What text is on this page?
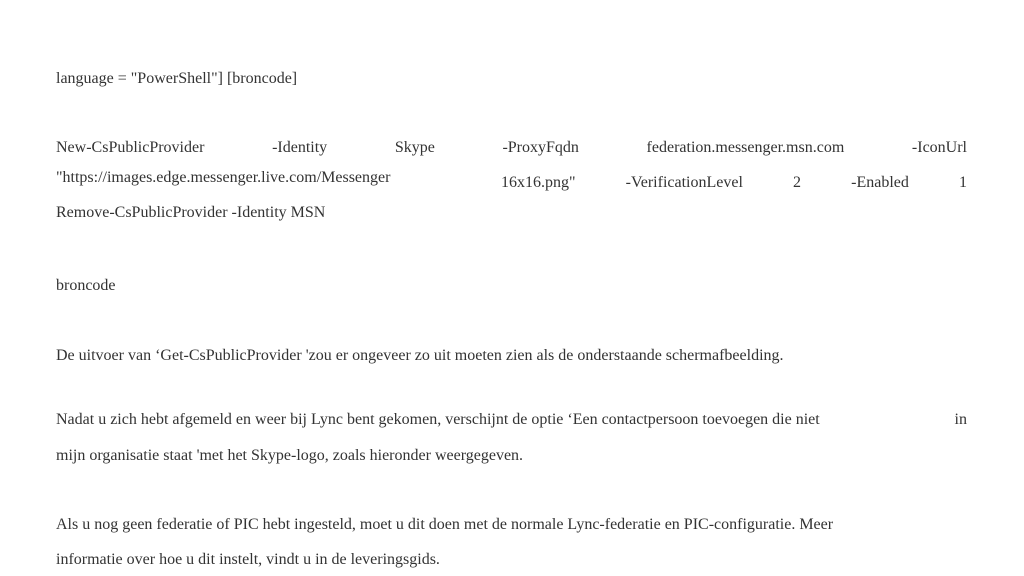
language = "PowerShell"] [broncode]
New-CsPublicProvider	-Identity	Skype	-ProxyFqdn	federation.messenger.msn.com	-IconUrl
"https://images.edge.messenger.live.com/Messenger	16x16.png"	-VerificationLevel	2	-Enabled	1
Remove-CsPublicProvider -Identity MSN
broncode
De uitvoer van ‘Get-CsPublicProvider 'zou er ongeveer zo uit moeten zien als de onderstaande schermafbeelding.
Nadat u zich hebt afgemeld en weer bij Lync bent gekomen, verschijnt de optie ‘Een contactpersoon toevoegen die niet	in
mijn organisatie staat 'met het Skype-logo, zoals hieronder weergegeven.
Als u nog geen federatie of PIC hebt ingesteld, moet u dit doen met de normale Lync-federatie en PIC-configuratie. Meer
informatie over hoe u dit instelt, vindt u in de leveringsgids.
